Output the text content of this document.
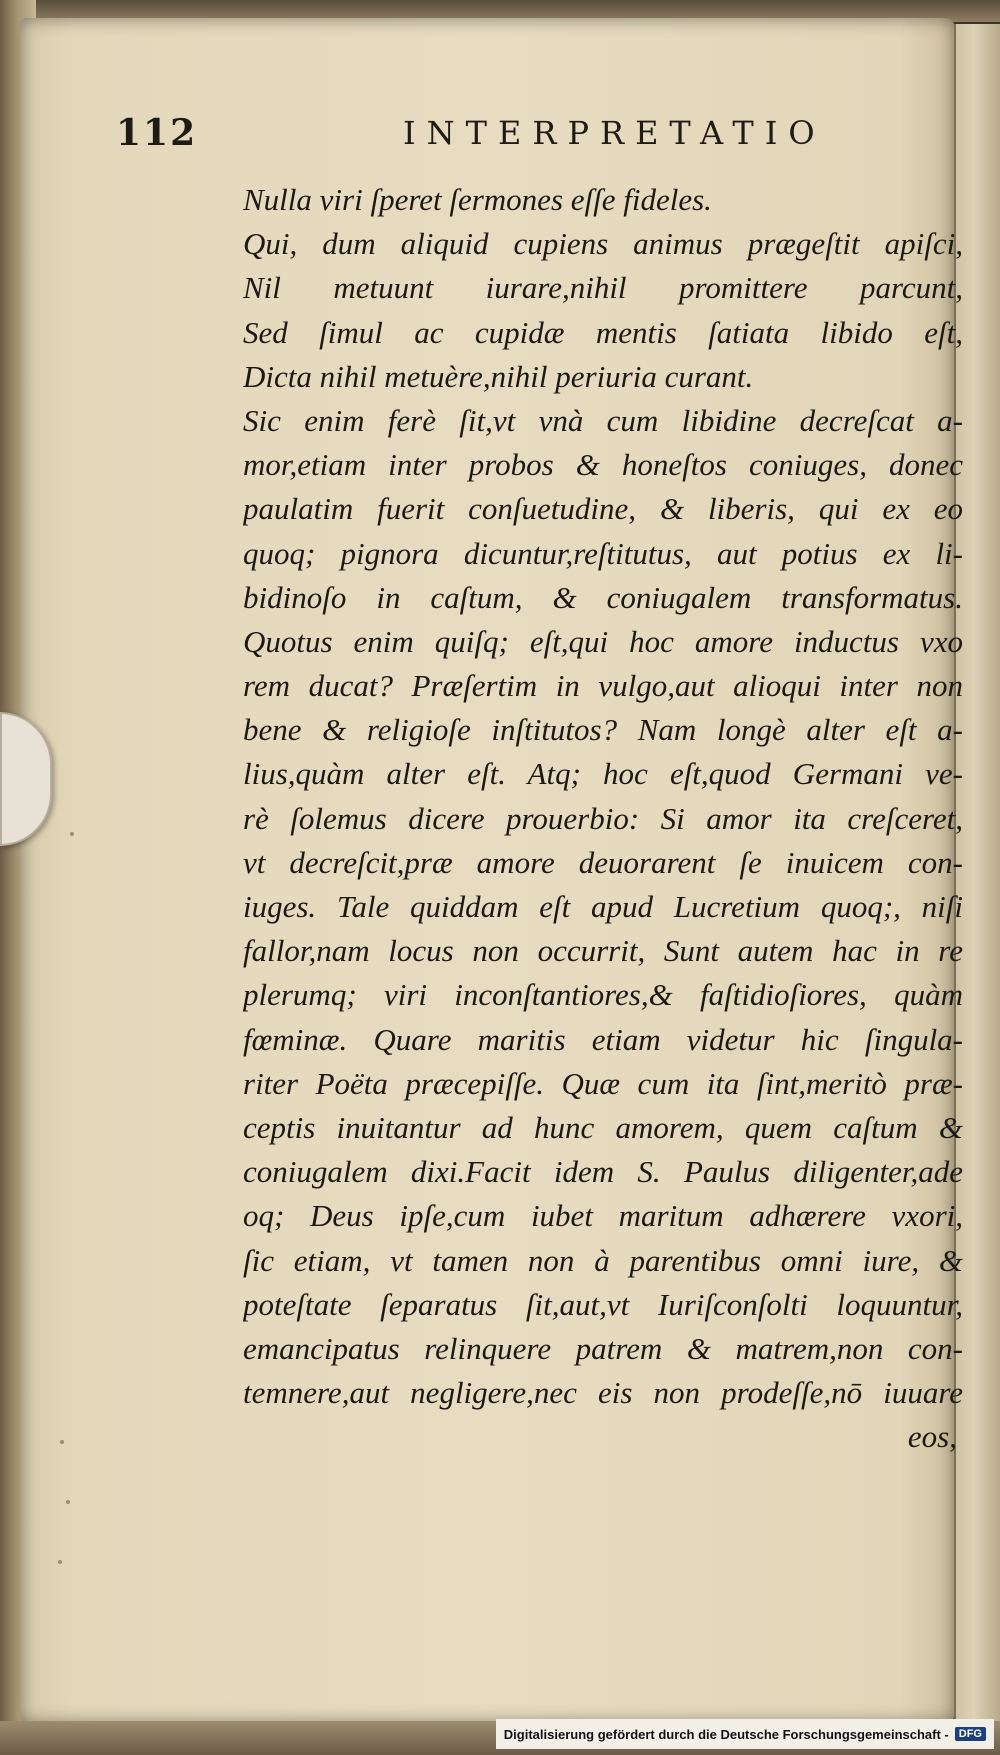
112	INTERPRETATIO
Nulla viri ſperet ſermones eſſe fideles.
Qui, dum aliquid cupiens animus prægeſtit apiſci,
Nil metuunt iurare,nihil promittere parcunt,
Sed ſimul ac cupidæ mentis ſatiata libido eſt,
Dicta nihil metuère,nihil periuria curant.
Sic enim ferè ſit,vt vnà cum libidine decreſcat a-
mor,etiam inter probos & honeſtos coniuges, donec
paulatim fuerit conſuetudine, & liberis, qui ex eo
quoq; pignora dicuntur,reſtitutus, aut potius ex li-
bidinoſo in caſtum, & coniugalem transformatus.
Quotus enim quiſq; eſt,qui hoc amore inductus vxo
rem ducat? Præſertim in vulgo,aut alioqui inter non
bene & religioſe inſtitutos? Nam longè alter eſt a-
lius,quàm alter eſt. Atq; hoc eſt,quod Germani ve-
rè ſolemus dicere prouerbio: Si amor ita creſceret,
vt decreſcit,præ amore deuorarent ſe inuicem con-
iuges. Tale quiddam eſt apud Lucretium quoq;, niſi
fallor,nam locus non occurrit, Sunt autem hac in re
plerumq; viri inconſtantiores,& faſtidioſiores, quàm
fœminæ. Quare maritis etiam videtur hic ſingula-
riter Poëta præcepiſſe. Quæ cum ita ſint,meritò præ-
ceptis inuitantur ad hunc amorem, quem caſtum &
coniugalem dixi.Facit idem S. Paulus diligenter,ade
oq; Deus ipſe,cum iubet maritum adhærere vxori,
ſic etiam, vt tamen non à parentibus omni iure, &
poteſtate ſeparatus ſit,aut,vt Iuriſconſolti loquuntur,
emancipatus relinquere patrem & matrem,non con-
temnere,aut negligere,nec eis non prodeſſe,nō iuuare
eos,
Digitalisierung gefördert durch die Deutsche Forschungsgemeinschaft - DFG
